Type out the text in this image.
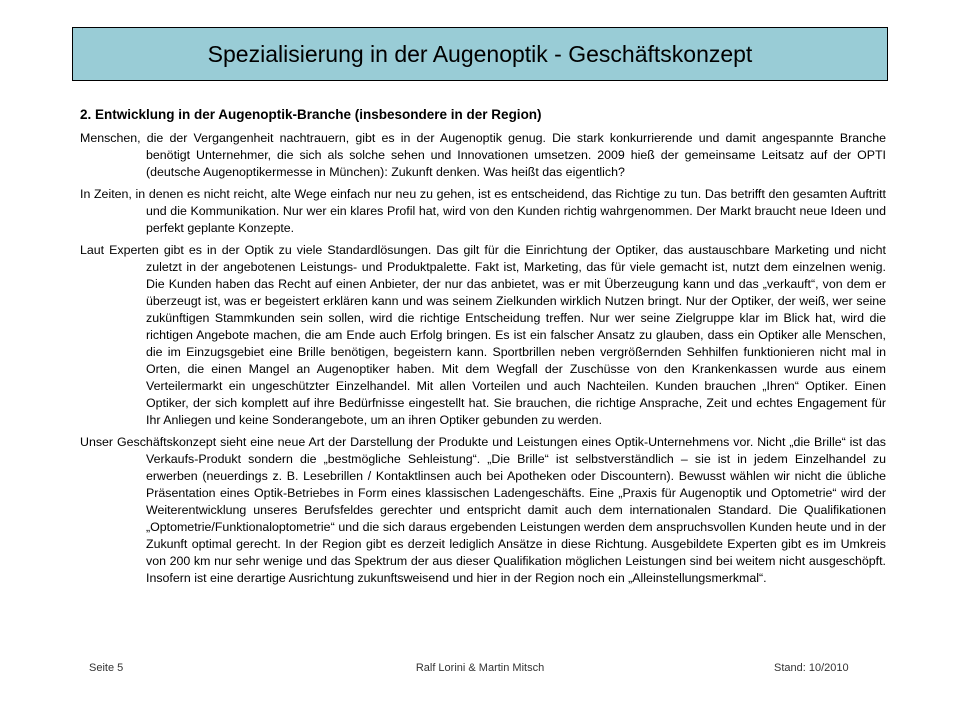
Spezialisierung in der Augenoptik - Geschäftskonzept

2. Entwicklung in der Augenoptik-Branche (insbesondere in der Region)

Menschen, die der Vergangenheit nachtrauern, gibt es in der Augenoptik genug. Die stark konkurrierende und damit angespannte Branche benötigt Unternehmer, die sich als solche sehen und Innovationen umsetzen. 2009 hieß der gemeinsame Leitsatz auf der OPTI (deutsche Augenoptikermesse in München): Zukunft denken. Was heißt das eigentlich?

In Zeiten, in denen es nicht reicht, alte Wege einfach nur neu zu gehen, ist es entscheidend, das Richtige zu tun. Das betrifft den gesamten Auftritt und die Kommunikation. Nur wer ein klares Profil hat, wird von den Kunden richtig wahrgenommen. Der Markt braucht neue Ideen und perfekt geplante Konzepte.

Laut Experten gibt es in der Optik zu viele Standardlösungen. Das gilt für die Einrichtung der Optiker, das austauschbare Marketing und nicht zuletzt in der angebotenen Leistungs- und Produktpalette. Fakt ist, Marketing, das für viele gemacht ist, nutzt dem einzelnen wenig. Die Kunden haben das Recht auf einen Anbieter, der nur das anbietet, was er mit Überzeugung kann und das „verkauft“, von dem er überzeugt ist, was er begeistert erklären kann und was seinem Zielkunden wirklich Nutzen bringt. Nur der Optiker, der weiß, wer seine zukünftigen Stammkunden sein sollen, wird die richtige Entscheidung treffen. Nur wer seine Zielgruppe klar im Blick hat, wird die richtigen Angebote machen, die am Ende auch Erfolg bringen. Es ist ein falscher Ansatz zu glauben, dass ein Optiker alle Menschen, die im Einzugsgebiet eine Brille benötigen, begeistern kann. Sportbrillen neben vergrößernden Sehhilfen funktionieren nicht mal in Orten, die einen Mangel an Augenoptiker haben. Mit dem Wegfall der Zuschüsse von den Krankenkassen wurde aus einem Verteilermarkt ein ungeschützter Einzelhandel. Mit allen Vorteilen und auch Nachteilen. Kunden brauchen „Ihren“ Optiker. Einen Optiker, der sich komplett auf ihre Bedürfnisse eingestellt hat. Sie brauchen, die richtige Ansprache, Zeit und echtes Engagement für Ihr Anliegen und keine Sonderangebote, um an ihren Optiker gebunden zu werden.

Unser Geschäftskonzept sieht eine neue Art der Darstellung der Produkte und Leistungen eines Optik-Unternehmens vor. Nicht „die Brille“ ist das Verkaufs-Produkt sondern die „bestmögliche Sehleistung“. „Die Brille“ ist selbstverständlich – sie ist in jedem Einzelhandel zu erwerben (neuerdings z. B. Lesebrillen / Kontaktlinsen auch bei Apotheken oder Discountern). Bewusst wählen wir nicht die übliche Präsentation eines Optik-Betriebes in Form eines klassischen Ladengeschäfts. Eine „Praxis für Augenoptik und Optometrie“ wird der Weiterentwicklung unseres Berufsfeldes gerechter und entspricht damit auch dem internationalen Standard. Die Qualifikationen „Optometrie/Funktionaloptometrie“ und die sich daraus ergebenden Leistungen werden dem anspruchsvollen Kunden heute und in der Zukunft optimal gerecht. In der Region gibt es derzeit lediglich Ansätze in diese Richtung. Ausgebildete Experten gibt es im Umkreis von 200 km nur sehr wenige und das Spektrum der aus dieser Qualifikation möglichen Leistungen sind bei weitem nicht ausgeschöpft. Insofern ist eine derartige Ausrichtung zukunftsweisend und hier in der Region noch ein „Alleinstellungsmerkmal“.

Seite 5	Ralf Lorini & Martin Mitsch	Stand: 10/2010
